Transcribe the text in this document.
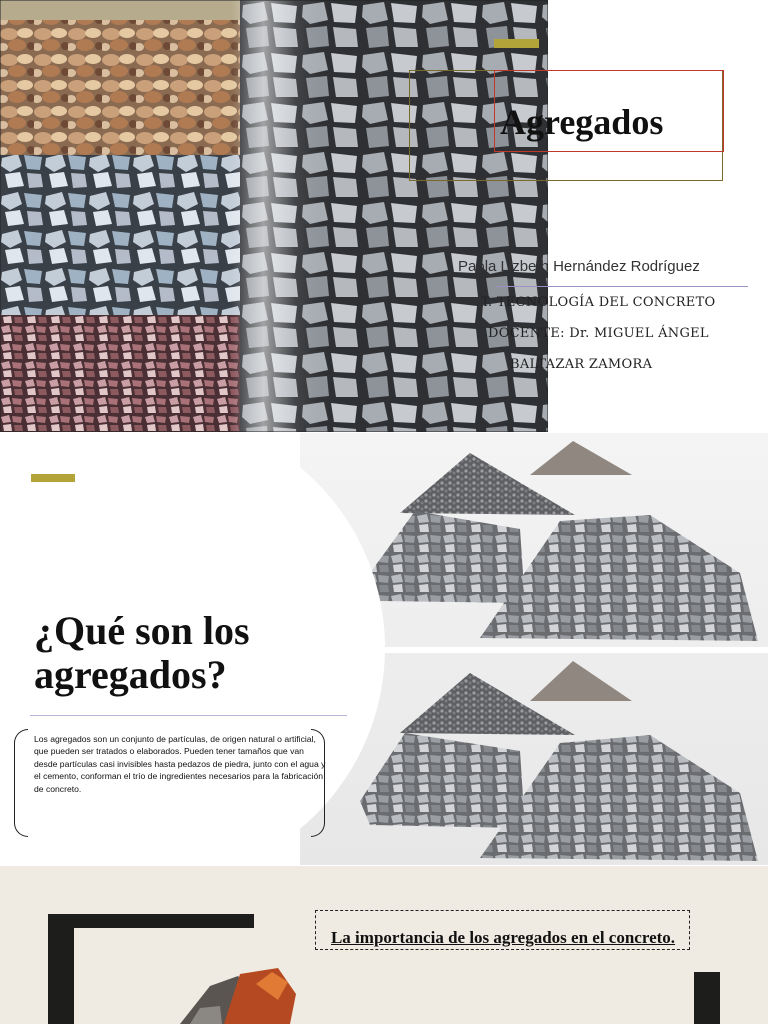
Agregados
Paola Lizbeth Hernández Rodríguez
T. TECNOLOGÍA DEL CONCRETO
DOCENTE: Dr. MIGUEL ÁNGEL
BALTAZAR ZAMORA
¿Qué son los
agregados?
Los agregados son un conjunto de partículas, de origen natural o artificial, que pueden ser tratados o elaborados. Pueden tener tamaños que van desde partículas casi invisibles hasta pedazos de piedra, junto con el agua y el cemento, conforman el trío de ingredientes necesarios para la fabricación de concreto.
La importancia de los agregados en el concreto.
